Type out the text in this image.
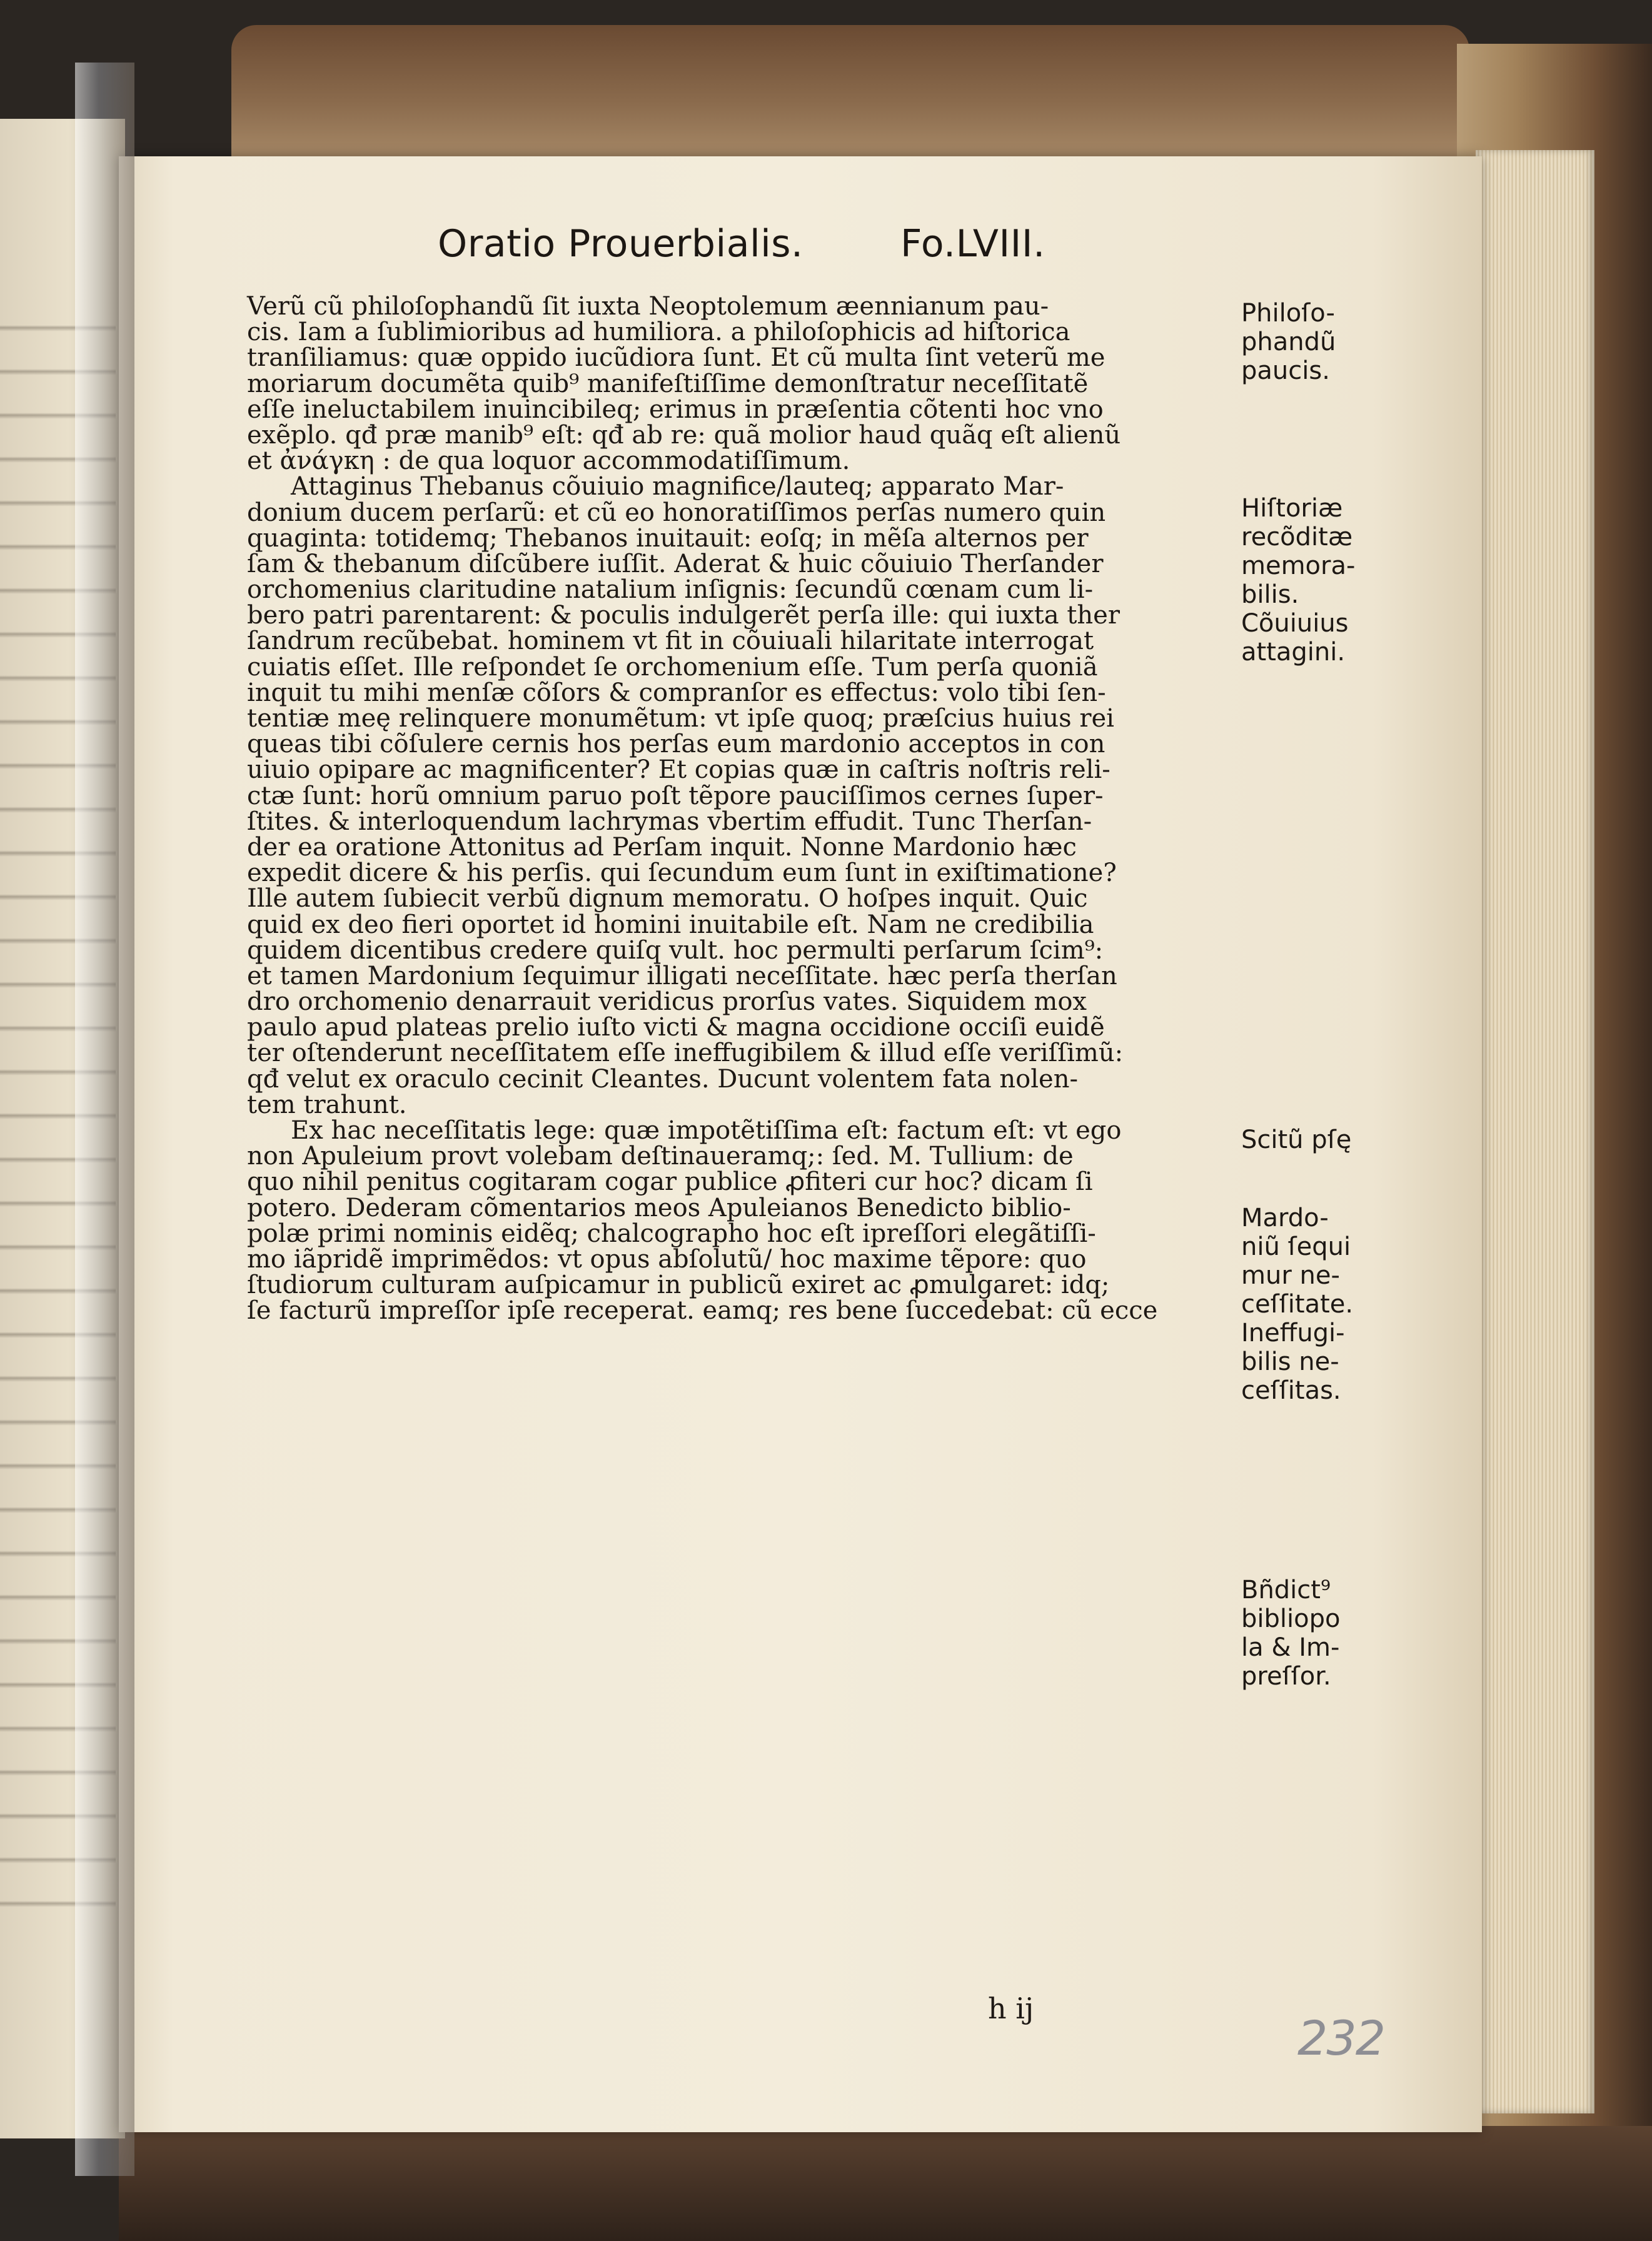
Oratio Prouerbialis.	Fo.LVIII.
Verũ cũ philoſophandũ ſit iuxta Neoptolemum æennianum pau-
cis. Iam a ſublimioribus ad humiliora. a philoſophicis ad hiſtorica
tranſiliamus: quæ oppido iucũdiora ſunt. Et cũ multa ſint veterũ me
moriarum documẽta quib⁹ manifeſtiſſime demonſtratur neceſſitatẽ
eſſe ineluctabilem inuincibileq; erimus in præſentia cõtenti hoc vno
exẽplo. qđ præ manib⁹ eſt: qđ ab re: quã molior haud quãq eſt alienũ
et ἀνάγκη : de qua loquor accommodatiſſimum.
Attaginus Thebanus cõuiuio magnifice/lauteq; apparato Mar-
donium ducem perſarũ: et cũ eo honoratiſſimos perſas numero quin
quaginta: totidemq; Thebanos inuitauit: eoſq; in mẽſa alternos per
ſam & thebanum diſcũbere iuſſit. Aderat & huic cõuiuio Therſander
orchomenius claritudine natalium inſignis: ſecundũ cœnam cum li-
bero patri parentarent: & poculis indulgerẽt perſa ille: qui iuxta ther
ſandrum recũbebat. hominem vt fit in cõuiuali hilaritate interrogat
cuiatis eſſet. Ille reſpondet ſe orchomenium eſſe. Tum perſa quoniã
inquit tu mihi menſæ cõſors & compranſor es effectus: volo tibi ſen-
tentiæ meę relinquere monumẽtum: vt ipſe quoq; præſcius huius rei
queas tibi cõſulere cernis hos perſas eum mardonio acceptos in con
uiuio opipare ac magnificenter? Et copias quæ in caſtris noſtris reli-
ctæ ſunt: horũ omnium paruo poſt tẽpore pauciſſimos cernes ſuper-
ſtites. & interloquendum lachrymas vbertim effudit. Tunc Therſan-
der ea oratione Attonitus ad Perſam inquit. Nonne Mardonio hæc
expedit dicere & his perſis. qui ſecundum eum ſunt in exiſtimatione?
Ille autem ſubiecit verbũ dignum memoratu. O hoſpes inquit. Quic
quid ex deo fieri oportet id homini inuitabile eſt. Nam ne credibilia
quidem dicentibus credere quiſq vult. hoc permulti perſarum ſcim⁹:
et tamen Mardonium ſequimur illigati neceſſitate. hæc perſa therſan
dro orchomenio denarrauit veridicus prorſus vates. Siquidem mox
paulo apud plateas prelio iuſto victi & magna occidione occiſi euidẽ
ter oſtenderunt neceſſitatem eſſe ineffugibilem & illud eſſe veriſſimũ:
qđ velut ex oraculo cecinit Cleantes. Ducunt volentem fata nolen-
tem trahunt.
Ex hac neceſſitatis lege: quæ impotẽtiſſima eſt: factum eſt: vt ego
non Apuleium provt volebam deſtinaueramq;: ſed. M. Tullium: de
quo nihil penitus cogitaram cogar publice ꝓfiteri cur hoc? dicam ſi
potero. Dederam cõmentarios meos Apuleianos Benedicto biblio-
polæ primi nominis eidẽq; chalcographo hoc eſt ipreſſori elegãtiſſi-
mo iãpridẽ imprimẽdos: vt opus abſolutũ/ hoc maxime tẽpore: quo
ſtudiorum culturam auſpicamur in publicũ exiret ac ꝓmulgaret: idq;
ſe facturũ impreſſor ipſe receperat. eamq; res bene ſuccedebat: cũ ecce
Philoſo-
phandũ
paucis.
Hiſtoriæ
recõditæ
memora-
bilis.
Cõuiuius
attagini.
Scitũ pſę
Mardo-
niũ ſequi
mur ne-
ceſſitate.
Ineffugi-
bilis ne-
ceſſitas.
Bñdict⁹
bibliopo
la & Im-
preſſor.
h ij
232
